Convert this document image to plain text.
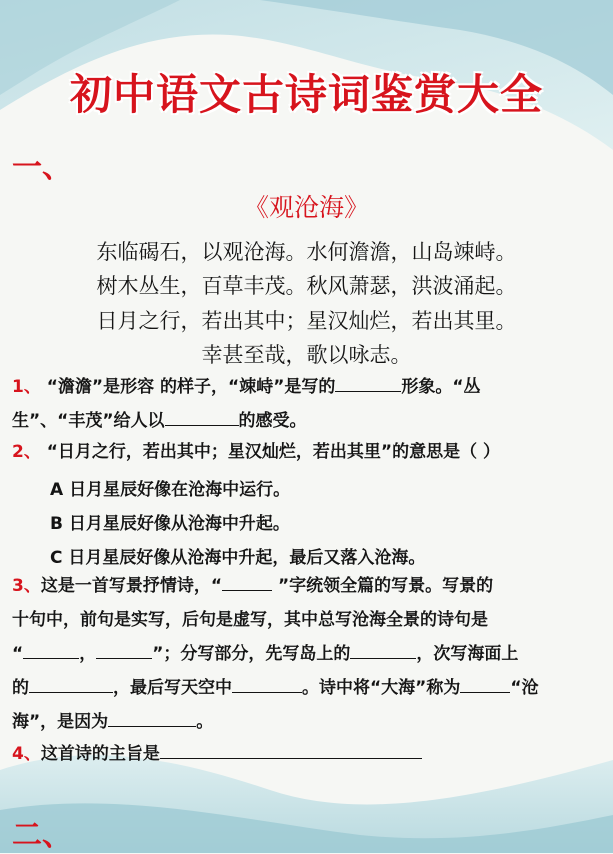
初中语文古诗词鉴赏大全
一、
《观沧海》
东临碣石，以观沧海。水何澹澹，山岛竦峙。
树木丛生，百草丰茂。秋风萧瑟，洪波涌起。
日月之行，若出其中；星汉灿烂，若出其里。
幸甚至哉，歌以咏志。
1、 “澹澹”是形容 的样子，“竦峙”是写的	形象。“丛
生”、“丰茂”给人以	的感受。
2、 “日月之行，若出其中；星汉灿烂，若出其里”的意思是（ ）
A 日月星辰好像在沧海中运行。
B 日月星辰好像从沧海中升起。
C 日月星辰好像从沧海中升起，最后又落入沧海。
3、这是一首写景抒情诗，“	”字统领全篇的写景。写景的
十句中，前句是实写，后句是虚写，其中总写沧海全景的诗句是
“	，	”；分写部分，先写岛上的	，次写海面上
的	，最后写天空中	。诗中将“大海”称为	“沧
海”，是因为	。
4、这首诗的主旨是
二、
